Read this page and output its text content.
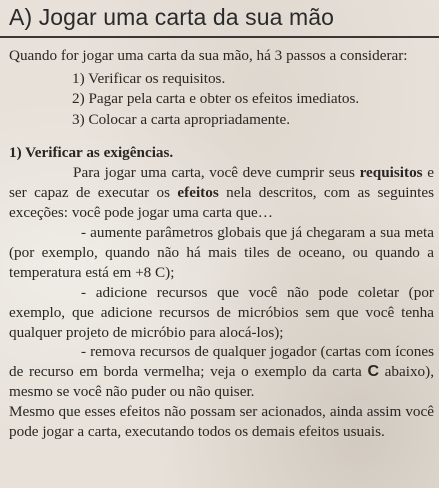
A) Jogar uma carta da sua mão

Quando for jogar uma carta da sua mão, há 3 passos a considerar:

1) Verificar os requisitos.
2) Pagar pela carta e obter os efeitos imediatos.
3) Colocar a carta apropriadamente.

1) Verificar as exigências.

Para jogar uma carta, você deve cumprir seus requisitos e ser capaz de executar os efeitos nela descritos, com as seguintes exceções: você pode jogar uma carta que…

- aumente parâmetros globais que já chegaram a sua meta (por exemplo, quando não há mais tiles de oceano, ou quando a temperatura está em +8 C);

- adicione recursos que você não pode coletar (por exemplo, que adicione recursos de micróbios sem que você tenha qualquer projeto de micróbio para alocá-los);

- remova recursos de qualquer jogador (cartas com ícones de recurso em borda vermelha; veja o exemplo da carta C abaixo), mesmo se você não puder ou não quiser.

Mesmo que esses efeitos não possam ser acionados, ainda assim você pode jogar a carta, executando todos os demais efeitos usuais.
